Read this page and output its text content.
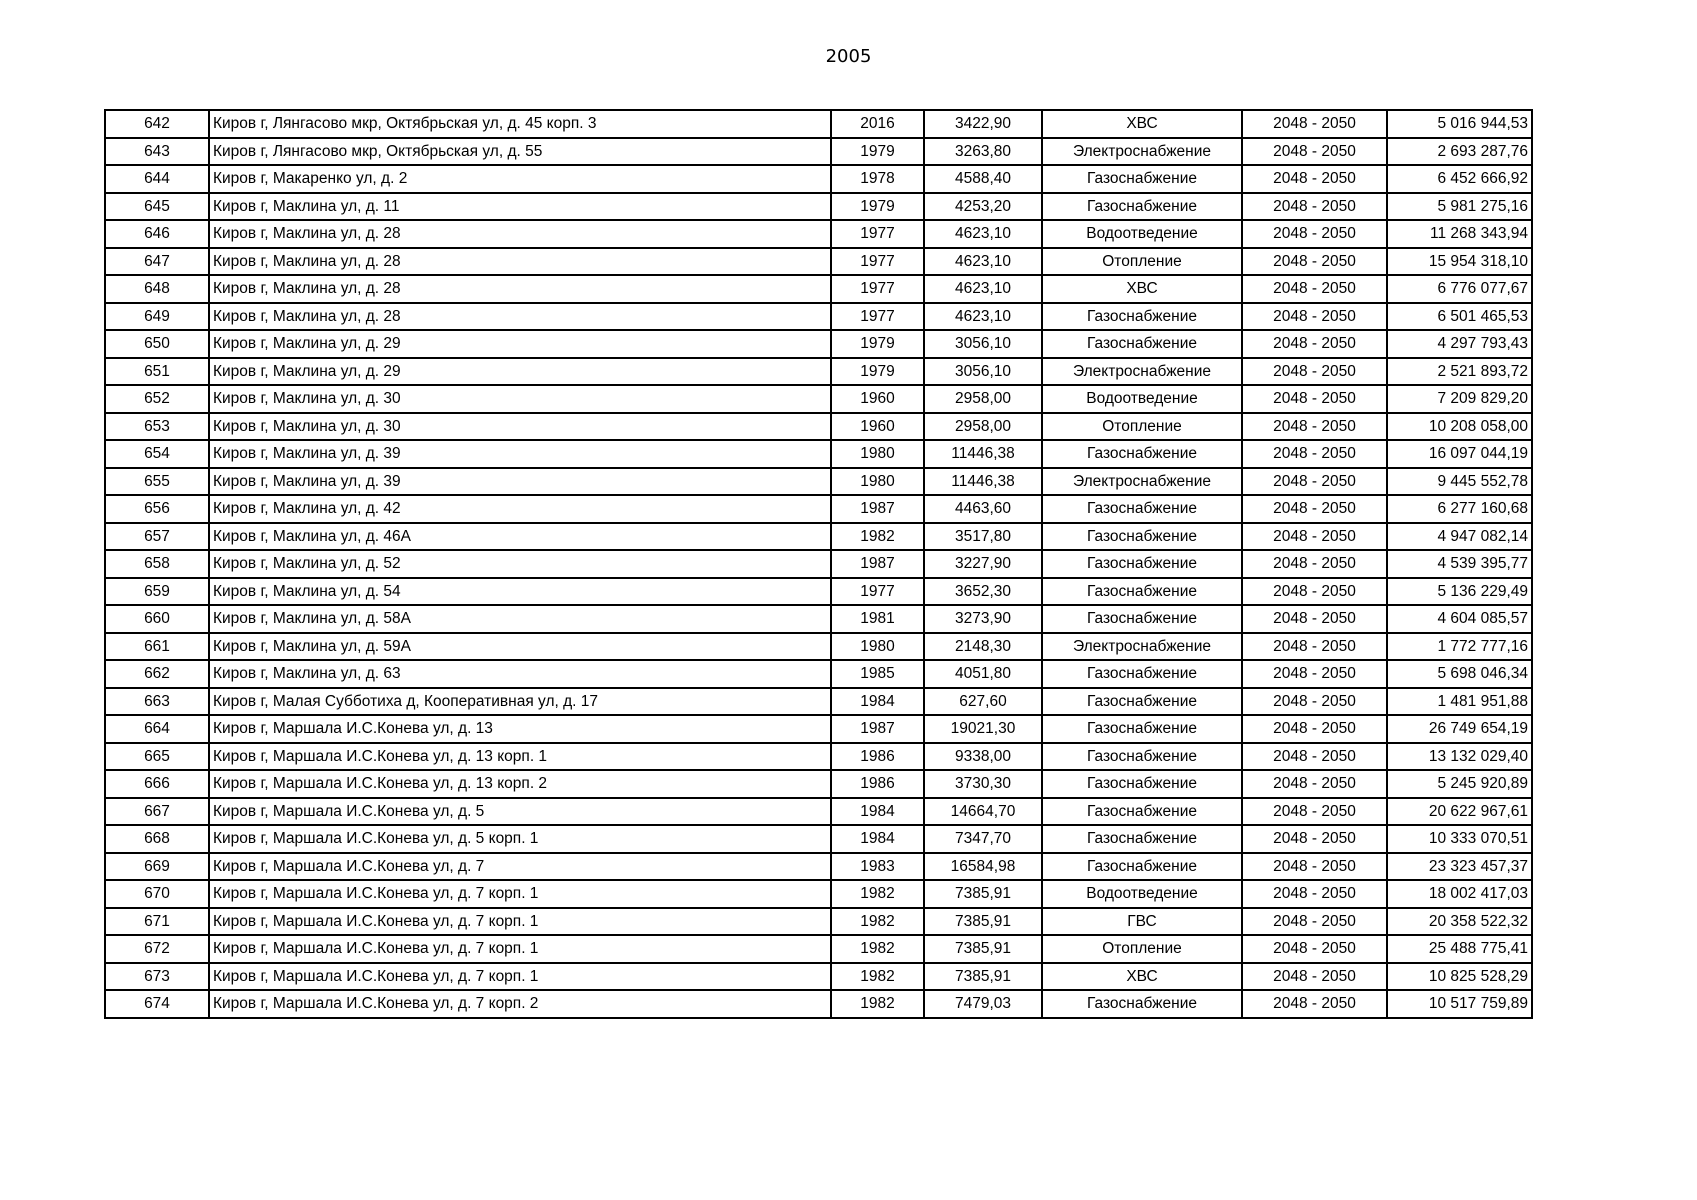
2005
642	Киров г, Лянгасово мкр, Октябрьская ул, д. 45 корп. 3	2016	3422,90	ХВС	2048 - 2050	5 016 944,53
643	Киров г, Лянгасово мкр, Октябрьская ул, д. 55	1979	3263,80	Электроснабжение	2048 - 2050	2 693 287,76
644	Киров г, Макаренко ул, д. 2	1978	4588,40	Газоснабжение	2048 - 2050	6 452 666,92
645	Киров г, Маклина ул, д. 11	1979	4253,20	Газоснабжение	2048 - 2050	5 981 275,16
646	Киров г, Маклина ул, д. 28	1977	4623,10	Водоотведение	2048 - 2050	11 268 343,94
647	Киров г, Маклина ул, д. 28	1977	4623,10	Отопление	2048 - 2050	15 954 318,10
648	Киров г, Маклина ул, д. 28	1977	4623,10	ХВС	2048 - 2050	6 776 077,67
649	Киров г, Маклина ул, д. 28	1977	4623,10	Газоснабжение	2048 - 2050	6 501 465,53
650	Киров г, Маклина ул, д. 29	1979	3056,10	Газоснабжение	2048 - 2050	4 297 793,43
651	Киров г, Маклина ул, д. 29	1979	3056,10	Электроснабжение	2048 - 2050	2 521 893,72
652	Киров г, Маклина ул, д. 30	1960	2958,00	Водоотведение	2048 - 2050	7 209 829,20
653	Киров г, Маклина ул, д. 30	1960	2958,00	Отопление	2048 - 2050	10 208 058,00
654	Киров г, Маклина ул, д. 39	1980	11446,38	Газоснабжение	2048 - 2050	16 097 044,19
655	Киров г, Маклина ул, д. 39	1980	11446,38	Электроснабжение	2048 - 2050	9 445 552,78
656	Киров г, Маклина ул, д. 42	1987	4463,60	Газоснабжение	2048 - 2050	6 277 160,68
657	Киров г, Маклина ул, д. 46А	1982	3517,80	Газоснабжение	2048 - 2050	4 947 082,14
658	Киров г, Маклина ул, д. 52	1987	3227,90	Газоснабжение	2048 - 2050	4 539 395,77
659	Киров г, Маклина ул, д. 54	1977	3652,30	Газоснабжение	2048 - 2050	5 136 229,49
660	Киров г, Маклина ул, д. 58А	1981	3273,90	Газоснабжение	2048 - 2050	4 604 085,57
661	Киров г, Маклина ул, д. 59А	1980	2148,30	Электроснабжение	2048 - 2050	1 772 777,16
662	Киров г, Маклина ул, д. 63	1985	4051,80	Газоснабжение	2048 - 2050	5 698 046,34
663	Киров г, Малая Субботиха д, Кооперативная ул, д. 17	1984	627,60	Газоснабжение	2048 - 2050	1 481 951,88
664	Киров г, Маршала И.С.Конева ул, д. 13	1987	19021,30	Газоснабжение	2048 - 2050	26 749 654,19
665	Киров г, Маршала И.С.Конева ул, д. 13 корп. 1	1986	9338,00	Газоснабжение	2048 - 2050	13 132 029,40
666	Киров г, Маршала И.С.Конева ул, д. 13 корп. 2	1986	3730,30	Газоснабжение	2048 - 2050	5 245 920,89
667	Киров г, Маршала И.С.Конева ул, д. 5	1984	14664,70	Газоснабжение	2048 - 2050	20 622 967,61
668	Киров г, Маршала И.С.Конева ул, д. 5 корп. 1	1984	7347,70	Газоснабжение	2048 - 2050	10 333 070,51
669	Киров г, Маршала И.С.Конева ул, д. 7	1983	16584,98	Газоснабжение	2048 - 2050	23 323 457,37
670	Киров г, Маршала И.С.Конева ул, д. 7 корп. 1	1982	7385,91	Водоотведение	2048 - 2050	18 002 417,03
671	Киров г, Маршала И.С.Конева ул, д. 7 корп. 1	1982	7385,91	ГВС	2048 - 2050	20 358 522,32
672	Киров г, Маршала И.С.Конева ул, д. 7 корп. 1	1982	7385,91	Отопление	2048 - 2050	25 488 775,41
673	Киров г, Маршала И.С.Конева ул, д. 7 корп. 1	1982	7385,91	ХВС	2048 - 2050	10 825 528,29
674	Киров г, Маршала И.С.Конева ул, д. 7 корп. 2	1982	7479,03	Газоснабжение	2048 - 2050	10 517 759,89
